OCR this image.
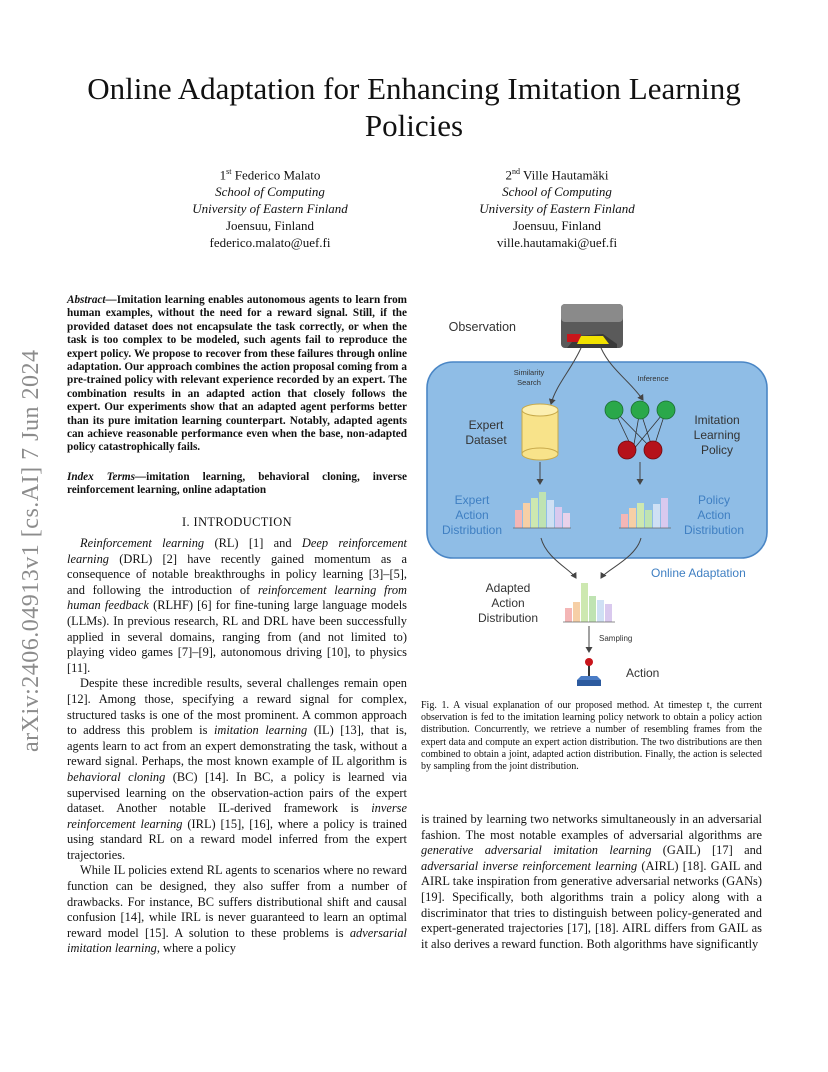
Online Adaptation for Enhancing Imitation Learning Policies
1st Federico Malato
School of Computing
University of Eastern Finland
Joensuu, Finland
federico.malato@uef.fi
2nd Ville Hautamäki
School of Computing
University of Eastern Finland
Joensuu, Finland
ville.hautamaki@uef.fi
arXiv:2406.04913v1 [cs.AI] 7 Jun 2024
Abstract—Imitation learning enables autonomous agents to learn from human examples, without the need for a reward signal. Still, if the provided dataset does not encapsulate the task correctly, or when the task is too complex to be modeled, such agents fail to reproduce the expert policy. We propose to recover from these failures through online adaptation. Our approach combines the action proposal coming from a pre-trained policy with relevant experience recorded by an expert. The combination results in an adapted action that closely follows the expert. Our experiments show that an adapted agent performs better than its pure imitation learning counterpart. Notably, adapted agents can achieve reasonable performance even when the base, non-adapted policy catastrophically fails.
Index Terms—imitation learning, behavioral cloning, inverse reinforcement learning, online adaptation
I. INTRODUCTION

Reinforcement learning (RL) [1] and Deep reinforcement learning (DRL) [2] have recently gained momentum as a consequence of notable breakthroughs in policy learning [3]–[5], and following the introduction of reinforcement learning from human feedback (RLHF) [6] for fine-tuning large language models (LLMs). In previous research, RL and DRL have been successfully applied in several domains, ranging from (and not limited to) playing video games [7]–[9], autonomous driving [10], to physics [11].

Despite these incredible results, several challenges remain open [12]. Among those, specifying a reward signal for complex, structured tasks is one of the most prominent. A common approach to address this problem is imitation learning (IL) [13], that is, agents learn to act from an expert demonstrating the task, without a reward signal. Perhaps, the most known example of IL algorithm is behavioral cloning (BC) [14]. In BC, a policy is learned via supervised learning on the observation-action pairs of the expert dataset. Another notable IL-derived framework is inverse reinforcement learning (IRL) [15], [16], where a policy is trained using standard RL on a reward model inferred from the expert trajectories.

While IL policies extend RL agents to scenarios where no reward function can be designed, they also suffer from a number of drawbacks. For instance, BC suffers distributional shift and causal confusion [14], while IRL is never guaranteed to learn an optimal reward model [15]. A solution to these problems is adversarial imitation learning, where a policy

Observation
Similarity Search	Inference
Expert Dataset
Imitation Learning Policy
Expert Action Distribution
Policy Action Distribution
Online Adaptation
Adapted Action Distribution
Sampling
Action
Fig. 1. A visual explanation of our proposed method. At timestep t, the current observation is fed to the imitation learning policy network to obtain a policy action distribution. Concurrently, we retrieve a number of resembling frames from the expert data and compute an expert action distribution. The two distributions are then combined to obtain a joint, adapted action distribution. Finally, the action is selected by sampling from the joint distribution.

is trained by learning two networks simultaneously in an adversarial fashion. The most notable examples of adversarial algorithms are generative adversarial imitation learning (GAIL) [17] and adversarial inverse reinforcement learning (AIRL) [18]. GAIL and AIRL take inspiration from generative adversarial networks (GANs) [19]. Specifically, both algorithms train a policy along with a discriminator that tries to distinguish between policy-generated and expert-generated trajectories [17], [18]. AIRL differs from GAIL as it also derives a reward function. Both algorithms have significantly
